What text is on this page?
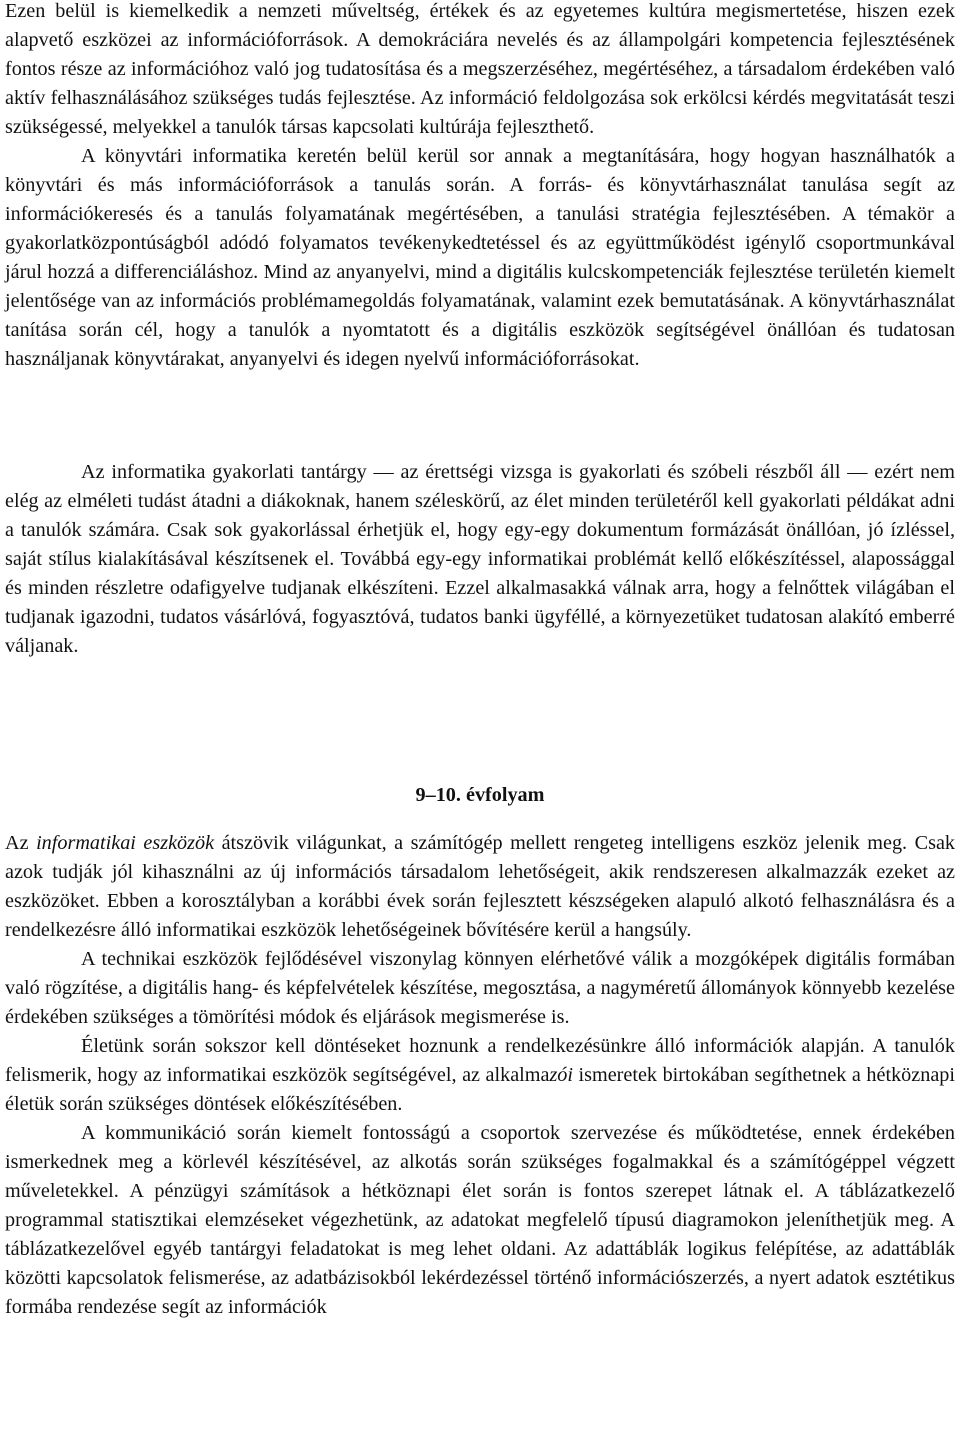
Ezen belül is kiemelkedik a nemzeti műveltség, értékek és az egyetemes kultúra megismertetése, hiszen ezek alapvető eszközei az információforrások. A demokráciára nevelés és az állampolgári kompetencia fejlesztésének fontos része az információhoz való jog tudatosítása és a megszerzéséhez, megértéséhez, a társadalom érdekében való aktív felhasználásához szükséges tudás fejlesztése. Az információ feldolgozása sok erkölcsi kérdés megvitatását teszi szükségessé, melyekkel a tanulók társas kapcsolati kultúrája fejleszthető.

A könyvtári informatika keretén belül kerül sor annak a megtanítására, hogy hogyan használhatók a könyvtári és más információforrások a tanulás során. A forrás- és könyvtárhasználat tanulása segít az információkeresés és a tanulás folyamatának megértésében, a tanulási stratégia fejlesztésében. A témakör a gyakorlatközpontúságból adódó folyamatos tevékenykedtetéssel és az együttműködést igénylő csoportmunkával járul hozzá a differenciáláshoz. Mind az anyanyelvi, mind a digitális kulcskompetenciák fejlesztése területén kiemelt jelentősége van az információs problémamegoldás folyamatának, valamint ezek bemutatásának. A könyvtárhasználat tanítása során cél, hogy a tanulók a nyomtatott és a digitális eszközök segítségével önállóan és tudatosan használjanak könyvtárakat, anyanyelvi és idegen nyelvű információforrásokat.

Az informatika gyakorlati tantárgy — az érettségi vizsga is gyakorlati és szóbeli részből áll — ezért nem elég az elméleti tudást átadni a diákoknak, hanem széleskörű, az élet minden területéről kell gyakorlati példákat adni a tanulók számára. Csak sok gyakorlással érhetjük el, hogy egy-egy dokumentum formázását önállóan, jó ízléssel, saját stílus kialakításával készítsenek el. Továbbá egy-egy informatikai problémát kellő előkészítéssel, alapossággal és minden részletre odafigyelve tudjanak elkészíteni. Ezzel alkalmasakká válnak arra, hogy a felnőttek világában el tudjanak igazodni, tudatos vásárlóvá, fogyasztóvá, tudatos banki ügyféllé, a környezetüket tudatosan alakító emberré váljanak.

9–10. évfolyam

Az informatikai eszközök átszövik világunkat, a számítógép mellett rengeteg intelligens eszköz jelenik meg. Csak azok tudják jól kihasználni az új információs társadalom lehetőségeit, akik rendszeresen alkalmazzák ezeket az eszközöket. Ebben a korosztályban a korábbi évek során fejlesztett készségeken alapuló alkotó felhasználásra és a rendelkezésre álló informatikai eszközök lehetőségeinek bővítésére kerül a hangsúly.

A technikai eszközök fejlődésével viszonylag könnyen elérhetővé válik a mozgóképek digitális formában való rögzítése, a digitális hang- és képfelvételek készítése, megosztása, a nagyméretű állományok könnyebb kezelése érdekében szükséges a tömörítési módok és eljárások megismerése is.

Életünk során sokszor kell döntéseket hoznunk a rendelkezésünkre álló információk alapján. A tanulók felismerik, hogy az informatikai eszközök segítségével, az alkalmazói ismeretek birtokában segíthetnek a hétköznapi életük során szükséges döntések előkészítésében.

A kommunikáció során kiemelt fontosságú a csoportok szervezése és működtetése, ennek érdekében ismerkednek meg a körlevél készítésével, az alkotás során szükséges fogalmakkal és a számítógéppel végzett műveletekkel. A pénzügyi számítások a hétköznapi élet során is fontos szerepet látnak el. A táblázatkezelő programmal statisztikai elemzéseket végezhetünk, az adatokat megfelelő típusú diagramokon jeleníthetjük meg. A táblázatkezelővel egyéb tantárgyi feladatokat is meg lehet oldani. Az adattáblák logikus felépítése, az adattáblák közötti kapcsolatok felismerése, az adatbázisokból lekérdezéssel történő információszerzés, a nyert adatok esztétikus formába rendezése segít az információk
